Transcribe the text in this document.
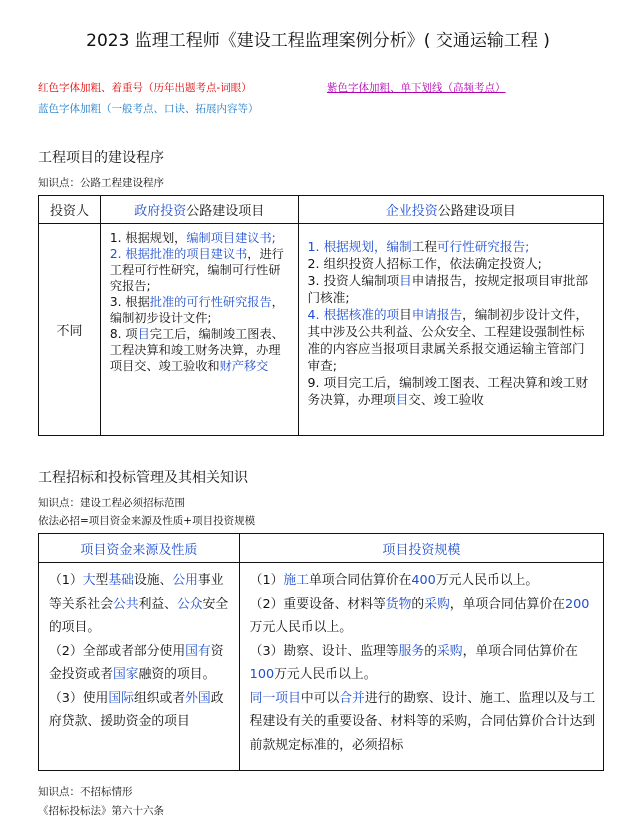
2023 监理工程师《建设工程监理案例分析》( 交通运输工程 )
红色字体加粗、着重号（历年出题考点-词眼）	紫色字体加粗、单下划线（高频考点）
蓝色字体加粗（一般考点、口诀、拓展内容等）
工程项目的建设程序
知识点：公路工程建设程序
投资人	政府投资公路建设项目	企业投资公路建设项目
不同	1. 根据规划，编制项目建议书;
2. 根据批准的项目建议书，进行工程可行性研究，编制可行性研究报告;
3. 根据批准的可行性研究报告，编制初步设计文件;
8. 项目完工后，编制竣工图表、工程决算和竣工财务决算，办理项目交、竣工验收和财产移交	1. 根据规划，编制工程可行性研究报告;
2. 组织投资人招标工作，依法确定投资人;
3. 投资人编制项目申请报告，按规定报项目审批部门核准;
4. 根据核准的项目申请报告，编制初步设计文件，其中涉及公共利益、公众安全、工程建设强制性标准的内容应当报项目隶属关系报交通运输主管部门审查;
9. 项目完工后，编制竣工图表、工程决算和竣工财务决算，办理项目交、竣工验收
工程招标和投标管理及其相关知识
知识点：建设工程必须招标范围
依法必招=项目资金来源及性质+项目投资规模
项目资金来源及性质	项目投资规模

（1）大型基础设施、公用事业等关系社会公共利益、公众安全的项目。
（2）全部或者部分使用国有资金投资或者国家融资的项目。
（3）使用国际组织或者外国政府贷款、援助资金的项目	（1）施工单项合同估算价在400万元人民币以上。
（2）重要设备、材料等货物的采购，单项合同估算价在200万元人民币以上。
（3）勘察、设计、监理等服务的采购，单项合同估算价在100万元人民币以上。
同一项目中可以合并进行的勘察、设计、施工、监理以及与工程建设有关的重要设备、材料等的采购，合同估算价合计达到前款规定标准的，必须招标
知识点：不招标情形
《招标投标法》第六十六条
